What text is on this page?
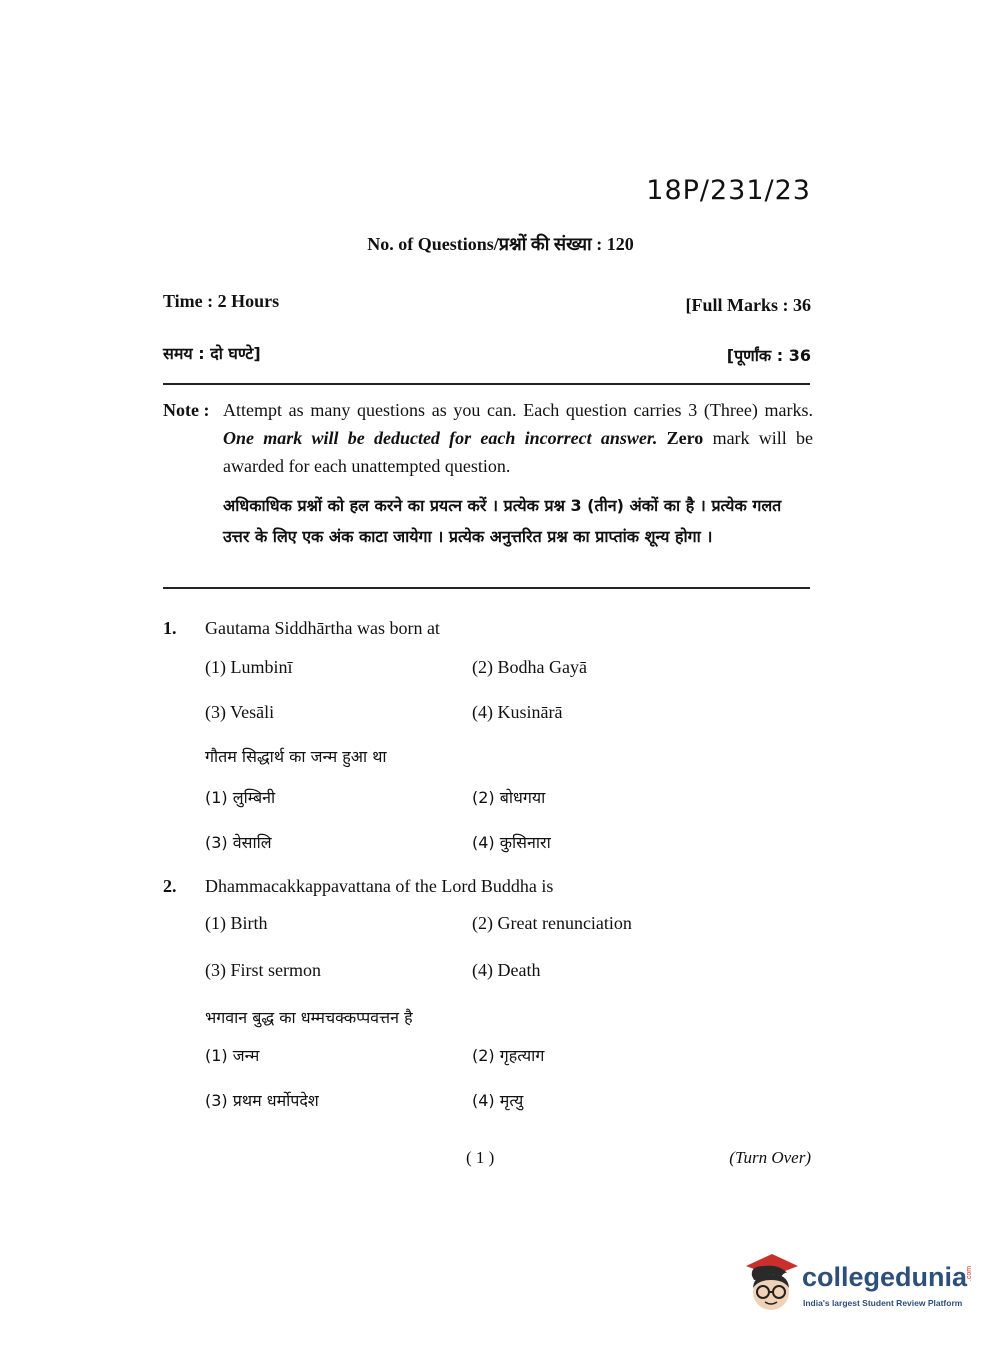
18P/231/23
No. of Questions/प्रश्नों की संख्या : 120
Time : 2 Hours	[Full Marks : 36
समय : दो घण्टे]	[पूर्णांक : 36
Note : Attempt as many questions as you can. Each question carries 3 (Three) marks. One mark will be deducted for each incorrect answer. Zero mark will be awarded for each unattempted question.
अधिकाधिक प्रश्नों को हल करने का प्रयत्न करें । प्रत्येक प्रश्न 3 (तीन) अंकों का है । प्रत्येक गलत उत्तर के लिए एक अंक काटा जायेगा । प्रत्येक अनुत्तरित प्रश्न का प्राप्तांक शून्य होगा ।
1. Gautama Siddhārtha was born at
(1) Lumbinī	(2) Bodha Gayā
(3) Vesāli	(4) Kusinārā
गौतम सिद्धार्थ का जन्म हुआ था
(1) लुम्बिनी	(2) बोधगया
(3) वेसालि	(4) कुसिनारा
2. Dhammacakkappavattana of the Lord Buddha is
(1) Birth	(2) Great renunciation
(3) First sermon	(4) Death
भगवान बुद्ध का धम्मचक्कप्पवत्तन है
(1) जन्म	(2) गृहत्याग
(3) प्रथम धर्मोपदेश	(4) मृत्यु
( 1 )	(Turn Over)
collegedunia .com
India's largest Student Review Platform
